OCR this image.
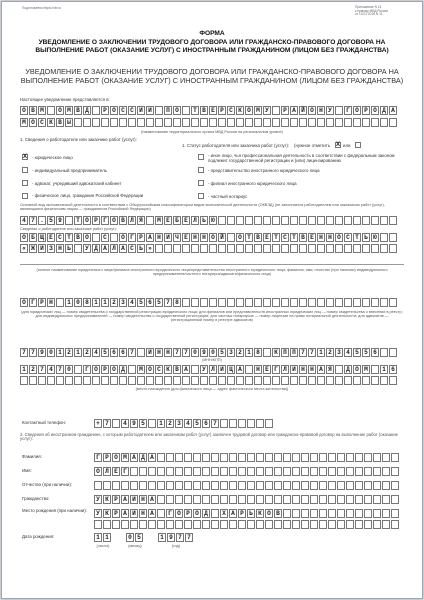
Подготовлено https://nlb.ru	Приложение N 13
к приказу МВД России
от 10.01.2018 N 11
ФОРМА
УВЕДОМЛЕНИЕ О ЗАКЛЮЧЕНИИ ТРУДОВОГО ДОГОВОРА ИЛИ ГРАЖДАНСКО-ПРАВОВОГО ДОГОВОРА НА ВЫПОЛНЕНИЕ РАБОТ (ОКАЗАНИЕ УСЛУГ) С ИНОСТРАННЫМ ГРАЖДАНИНОМ (ЛИЦОМ БЕЗ ГРАЖДАНСТВА)
УВЕДОМЛЕНИЕ О ЗАКЛЮЧЕНИИ ТРУДОВОГО ДОГОВОРА ИЛИ ГРАЖДАНСКО-ПРАВОВОГО ДОГОВОРА НА ВЫПОЛНЕНИЕ РАБОТ (ОКАЗАНИЕ УСЛУГ) С ИНОСТРАННЫМ ГРАЖДАНИНОМ (ЛИЦОМ БЕЗ ГРАЖДАНСТВА)
Настоящее уведомление представляется в:
О В М	О М В Д	Р О С С И И	П О	Т В Е Р С К О М У	Р А Й О Н У	Г О Р О Д А
М О С К В Ы
(наименование территориального органа МВД России на региональном уровне)
1. Сведения о работодателе или заказчике работ (услуг):
1. Статус работодателя или заказчика работ (услуг): (нужное отметить X или
X - юридическое лицо
- индивидуальный предприниматель
- адвокат, учредивший адвокатский кабинет
- физическое лицо, гражданин Российской Федерации
- иное лицо, чья профессиональная деятельность в соответствии с федеральным законом подлежит государственной регистрации и (или) лицензированию
- представительство иностранного юридического лица
- филиал иностранного юридического лица
- частный нотариус
Основной вид экономической деятельности в соответствии с Общероссийским классификатором видов экономической деятельности (ОКВЭД) (не заполняется работодателем или заказчиком работ (услуг), являющимся физическим лицом — гражданином Российской Федерации)
4 7 . 5 9	Т О Р Г О В Л Я	М Е Б Е Л Ь Ю
Сведения о работодателе или заказчике работ (услуг):
О Б Щ Е С Т В О	С	О Г Р А Н И Ч Е Н Н О Й	О Т В Е Т С Т В Е Н Н О С Т Ь Ю
« Ж И З Н Ь	У Д А Л А С Ь »
(полное наименование юридического лица/филиала иностранного юридического лица/представительства иностранного юридического лица, фамилия, имя, отчество (при наличии) индивидуального предпринимателя/частного нотариуса/адвоката/физического лица)
О Г Р Н	1 0 8 1 1 2 3 4 5 6 5 7 8
(для юридических лиц — номер свидетельства о государственной регистрации юридического лица; для филиалов или представительств иностранных юридических лиц — номер свидетельства о внесении в реестр; для индивидуальных предпринимателей — номер свидетельства о государственной регистрации; для частных нотариусов — номер лицензии на право нотариальной деятельности; для адвокатов — регистрационный номер в реестре адвокатов)
7 7 9 0 1 2 1 2 4 5 6 6 7	И Н Н 7 7 0 9 0 5 3 2 1 8	К П П 7 7 1 2 3 4 5 5 6
(ИНН/КПП)
1 2 7 4 7 0	Г О Р О Д	М О С К В А	У Л И Ц А	Н Е Г Л И Н Н А Я	Д О М	1 6
(место нахождения (для физического лица — адрес фактического места жительства))
Контактный телефон:	+ 7	4 9 5	1 2 3 4 5 6 7
2. Сведения об иностранном гражданине, с которым работодателем или заказчиком работ (услуг) заключен трудовой договор или гражданско-правовой договор на выполнение работ (оказание услуг):
Фамилия:	Г Р О М А Д А
Имя:	О Л Е Г
Отчество (при наличии):
Гражданство:	У К Р А И Н А
Место рождения (при наличии):	У К Р А И Н А	Г О Р О Д	Х А Р Ь К О В
Дата рождения:	1 1	0 5	1 9 7 7
(число)	(месяц)	(год)
